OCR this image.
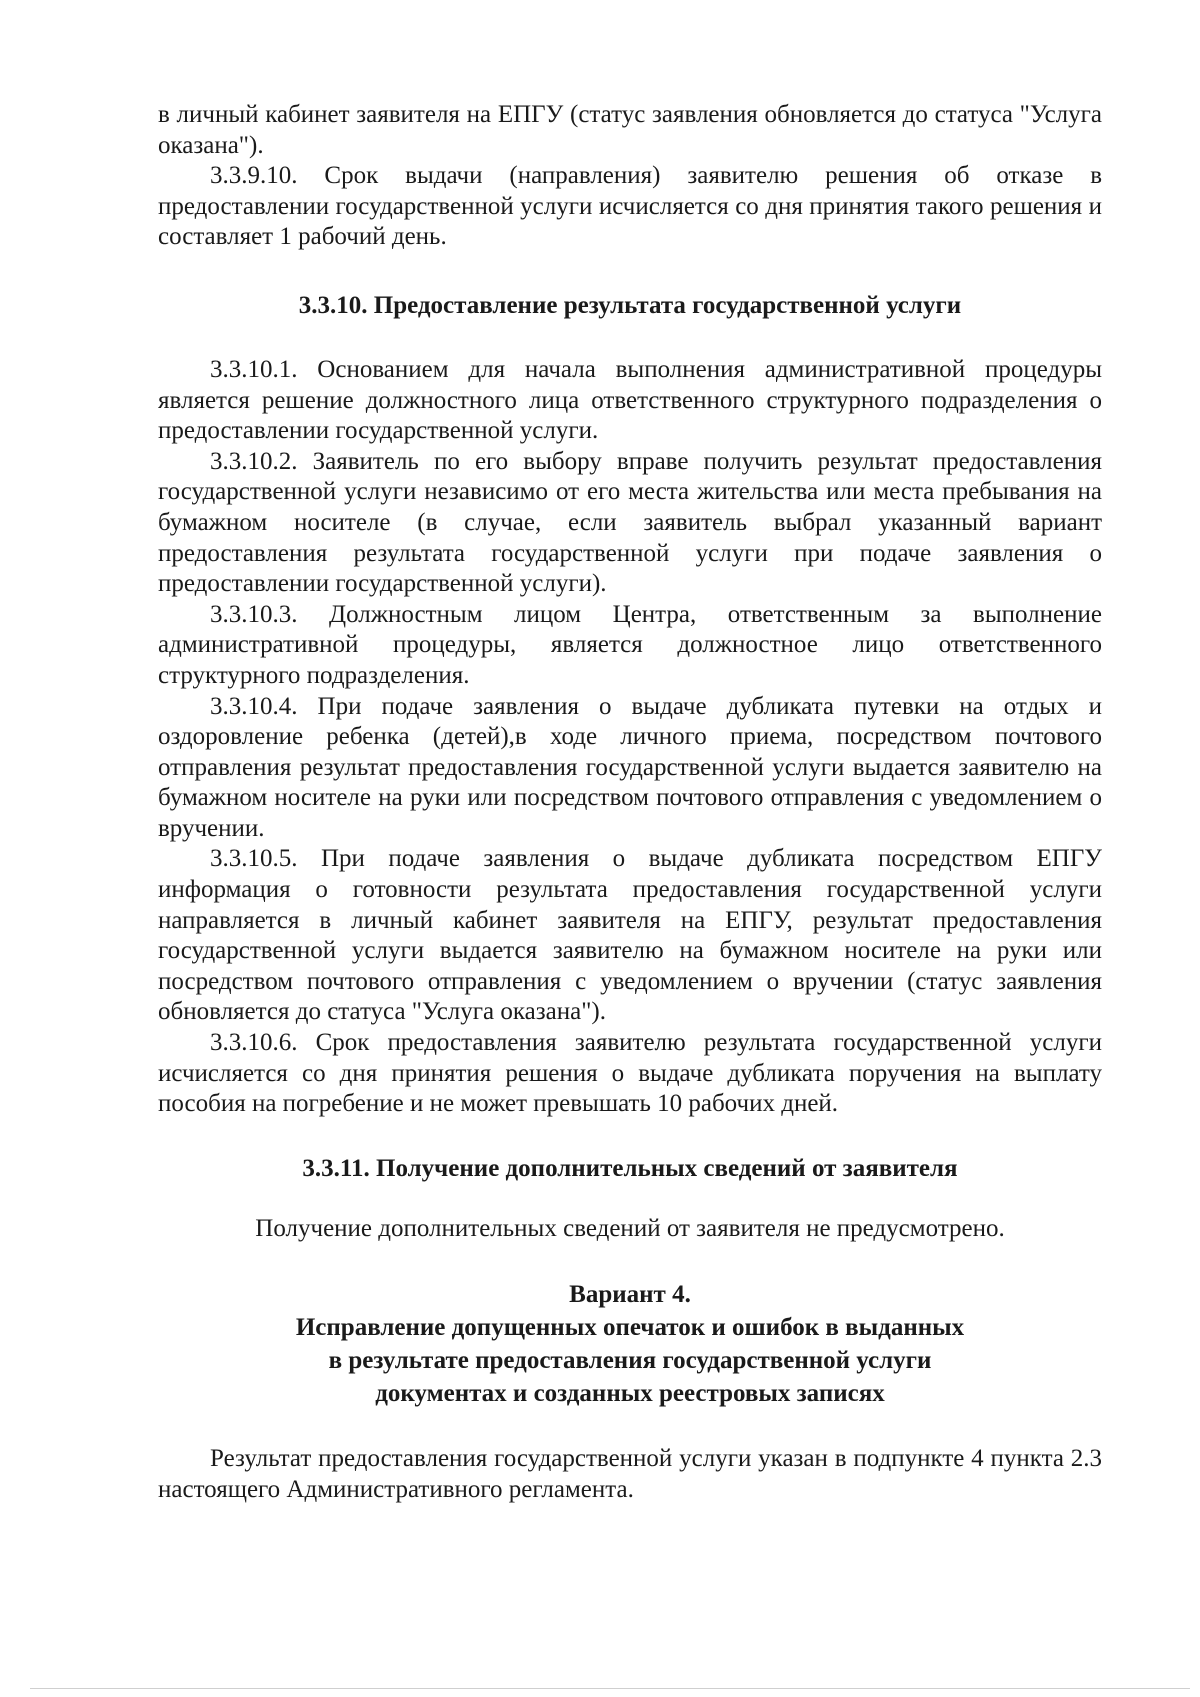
в личный кабинет заявителя на ЕПГУ (статус заявления обновляется до статуса "Услуга оказана").

3.3.9.10. Срок выдачи (направления) заявителю решения об отказе в предоставлении государственной услуги исчисляется со дня принятия такого решения и составляет 1 рабочий день.

3.3.10. Предоставление результата государственной услуги

3.3.10.1. Основанием для начала выполнения административной процедуры является решение должностного лица ответственного структурного подразделения о предоставлении государственной услуги.

3.3.10.2. Заявитель по его выбору вправе получить результат предоставления государственной услуги независимо от его места жительства или места пребывания на бумажном носителе (в случае, если заявитель выбрал указанный вариант предоставления результата государственной услуги при подаче заявления о предоставлении государственной услуги).

3.3.10.3. Должностным лицом Центра, ответственным за выполнение административной процедуры, является должностное лицо ответственного структурного подразделения.

3.3.10.4. При подаче заявления о выдаче дубликата путевки на отдых и оздоровление ребенка (детей),в ходе личного приема, посредством почтового отправления результат предоставления государственной услуги выдается заявителю на бумажном носителе на руки или посредством почтового отправления с уведомлением о вручении.

3.3.10.5. При подаче заявления о выдаче дубликата посредством ЕПГУ информация о готовности результата предоставления государственной услуги направляется в личный кабинет заявителя на ЕПГУ, результат предоставления государственной услуги выдается заявителю на бумажном носителе на руки или посредством почтового отправления с уведомлением о вручении (статус заявления обновляется до статуса "Услуга оказана").

3.3.10.6. Срок предоставления заявителю результата государственной услуги исчисляется со дня принятия решения о выдаче дубликата поручения на выплату пособия на погребение и не может превышать 10 рабочих дней.

3.3.11. Получение дополнительных сведений от заявителя

Получение дополнительных сведений от заявителя не предусмотрено.

Вариант 4.
Исправление допущенных опечаток и ошибок в выданных
в результате предоставления государственной услуги
документах и созданных реестровых записях

Результат предоставления государственной услуги указан в подпункте 4 пункта 2.3 настоящего Административного регламента.
